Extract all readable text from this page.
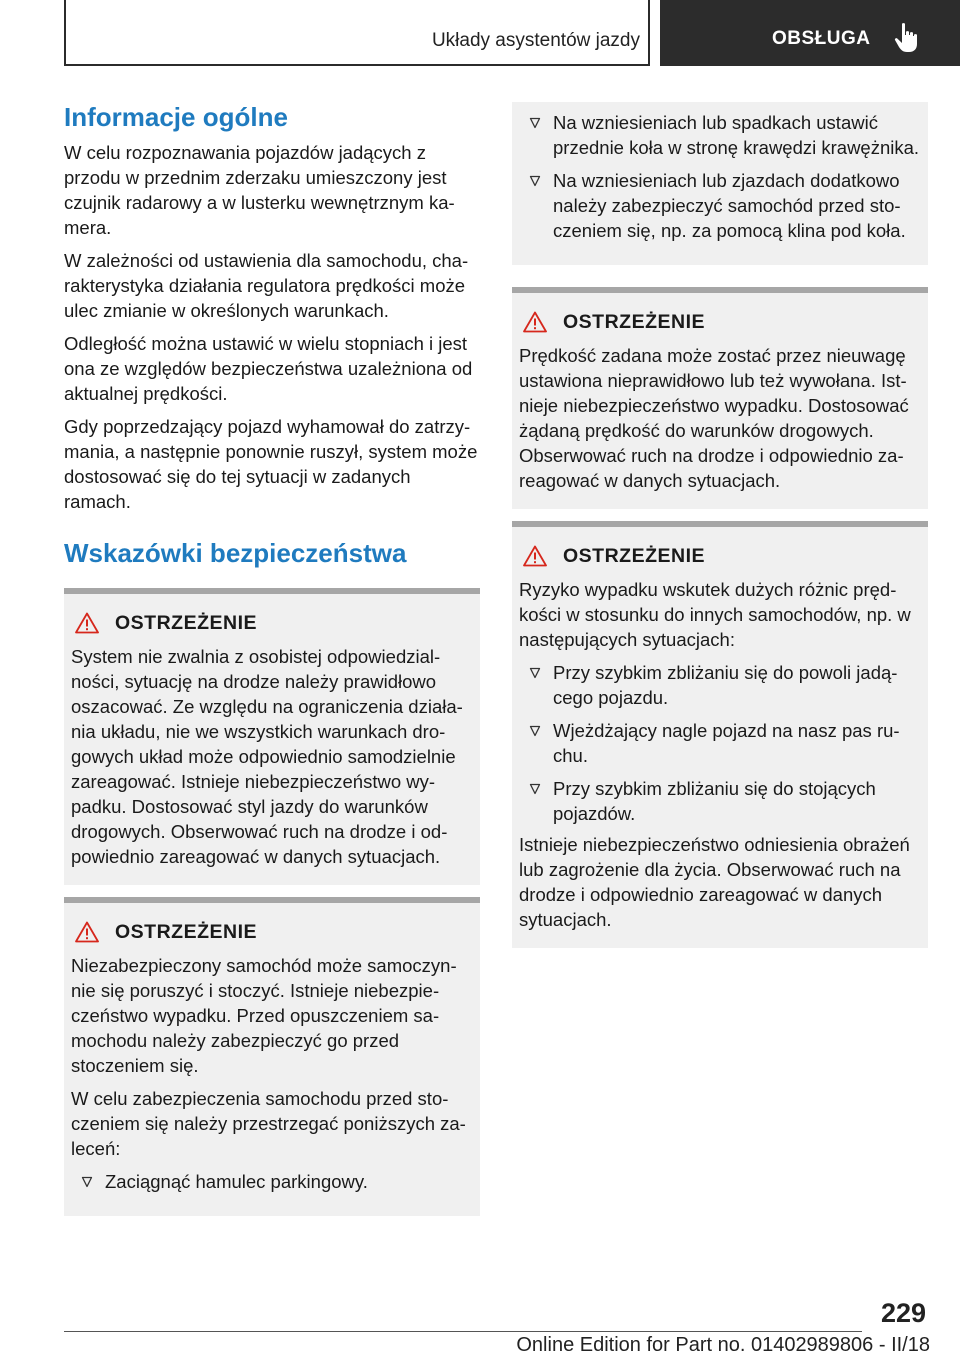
Układy asystentów jazdy	OBSŁUGA
Informacje ogólne

W celu rozpoznawania pojazdów jadących z przodu w przednim zderzaku umieszczony jest czujnik radarowy a w lusterku wewnętrznym kamera.

W zależności od ustawienia dla samochodu, charakterystyka działania regulatora prędkości może ulec zmianie w określonych warunkach.

Odległość można ustawić w wielu stopniach i jest ona ze względów bezpieczeństwa uzależniona od aktualnej prędkości.

Gdy poprzedzający pojazd wyhamował do zatrzymania, a następnie ponownie ruszył, system może dostosować się do tej sytuacji w zadanych ramach.

Wskazówki bezpieczeństwa
OSTRZEŻENIE

System nie zwalnia z osobistej odpowiedzialności, sytuację na drodze należy prawidłowo oszacować. Ze względu na ograniczenia działania układu, nie we wszystkich warunkach drogowych układ może odpowiednio samodzielnie zareagować. Istnieje niebezpieczeństwo wypadku. Dostosować styl jazdy do warunków drogowych. Obserwować ruch na drodze i odpowiednio zareagować w danych sytuacjach.

OSTRZEŻENIE

Niezabezpieczony samochód może samoczynnie się poruszyć i stoczyć. Istnieje niebezpieczeństwo wypadku. Przed opuszczeniem samochodu należy zabezpieczyć go przed stoczeniem się.

W celu zabezpieczenia samochodu przed stoczeniem się należy przestrzegać poniższych zaleceń:

Zaciągnąć hamulec parkingowy.
Na wzniesieniach lub spadkach ustawić przednie koła w stronę krawędzi krawężnika.
Na wzniesieniach lub zjazdach dodatkowo należy zabezpieczyć samochód przed stoczeniem się, np. za pomocą klina pod koła.
OSTRZEŻENIE

Prędkość zadana może zostać przez nieuwagę ustawiona nieprawidłowo lub też wywołana. Istnieje niebezpieczeństwo wypadku. Dostosować żądaną prędkość do warunków drogowych. Obserwować ruch na drodze i odpowiednio zareagować w danych sytuacjach.

OSTRZEŻENIE

Ryzyko wypadku wskutek dużych różnic prędkości w stosunku do innych samochodów, np. w następujących sytuacjach:

Przy szybkim zbliżaniu się do powoli jadącego pojazdu.
Wjeżdżający nagle pojazd na nasz pas ruchu.
Przy szybkim zbliżaniu się do stojących pojazdów.

Istnieje niebezpieczeństwo odniesienia obrażeń lub zagrożenie dla życia. Obserwować ruch na drodze i odpowiednio zareagować w danych sytuacjach.

229
Online Edition for Part no. 01402989806 - II/18
